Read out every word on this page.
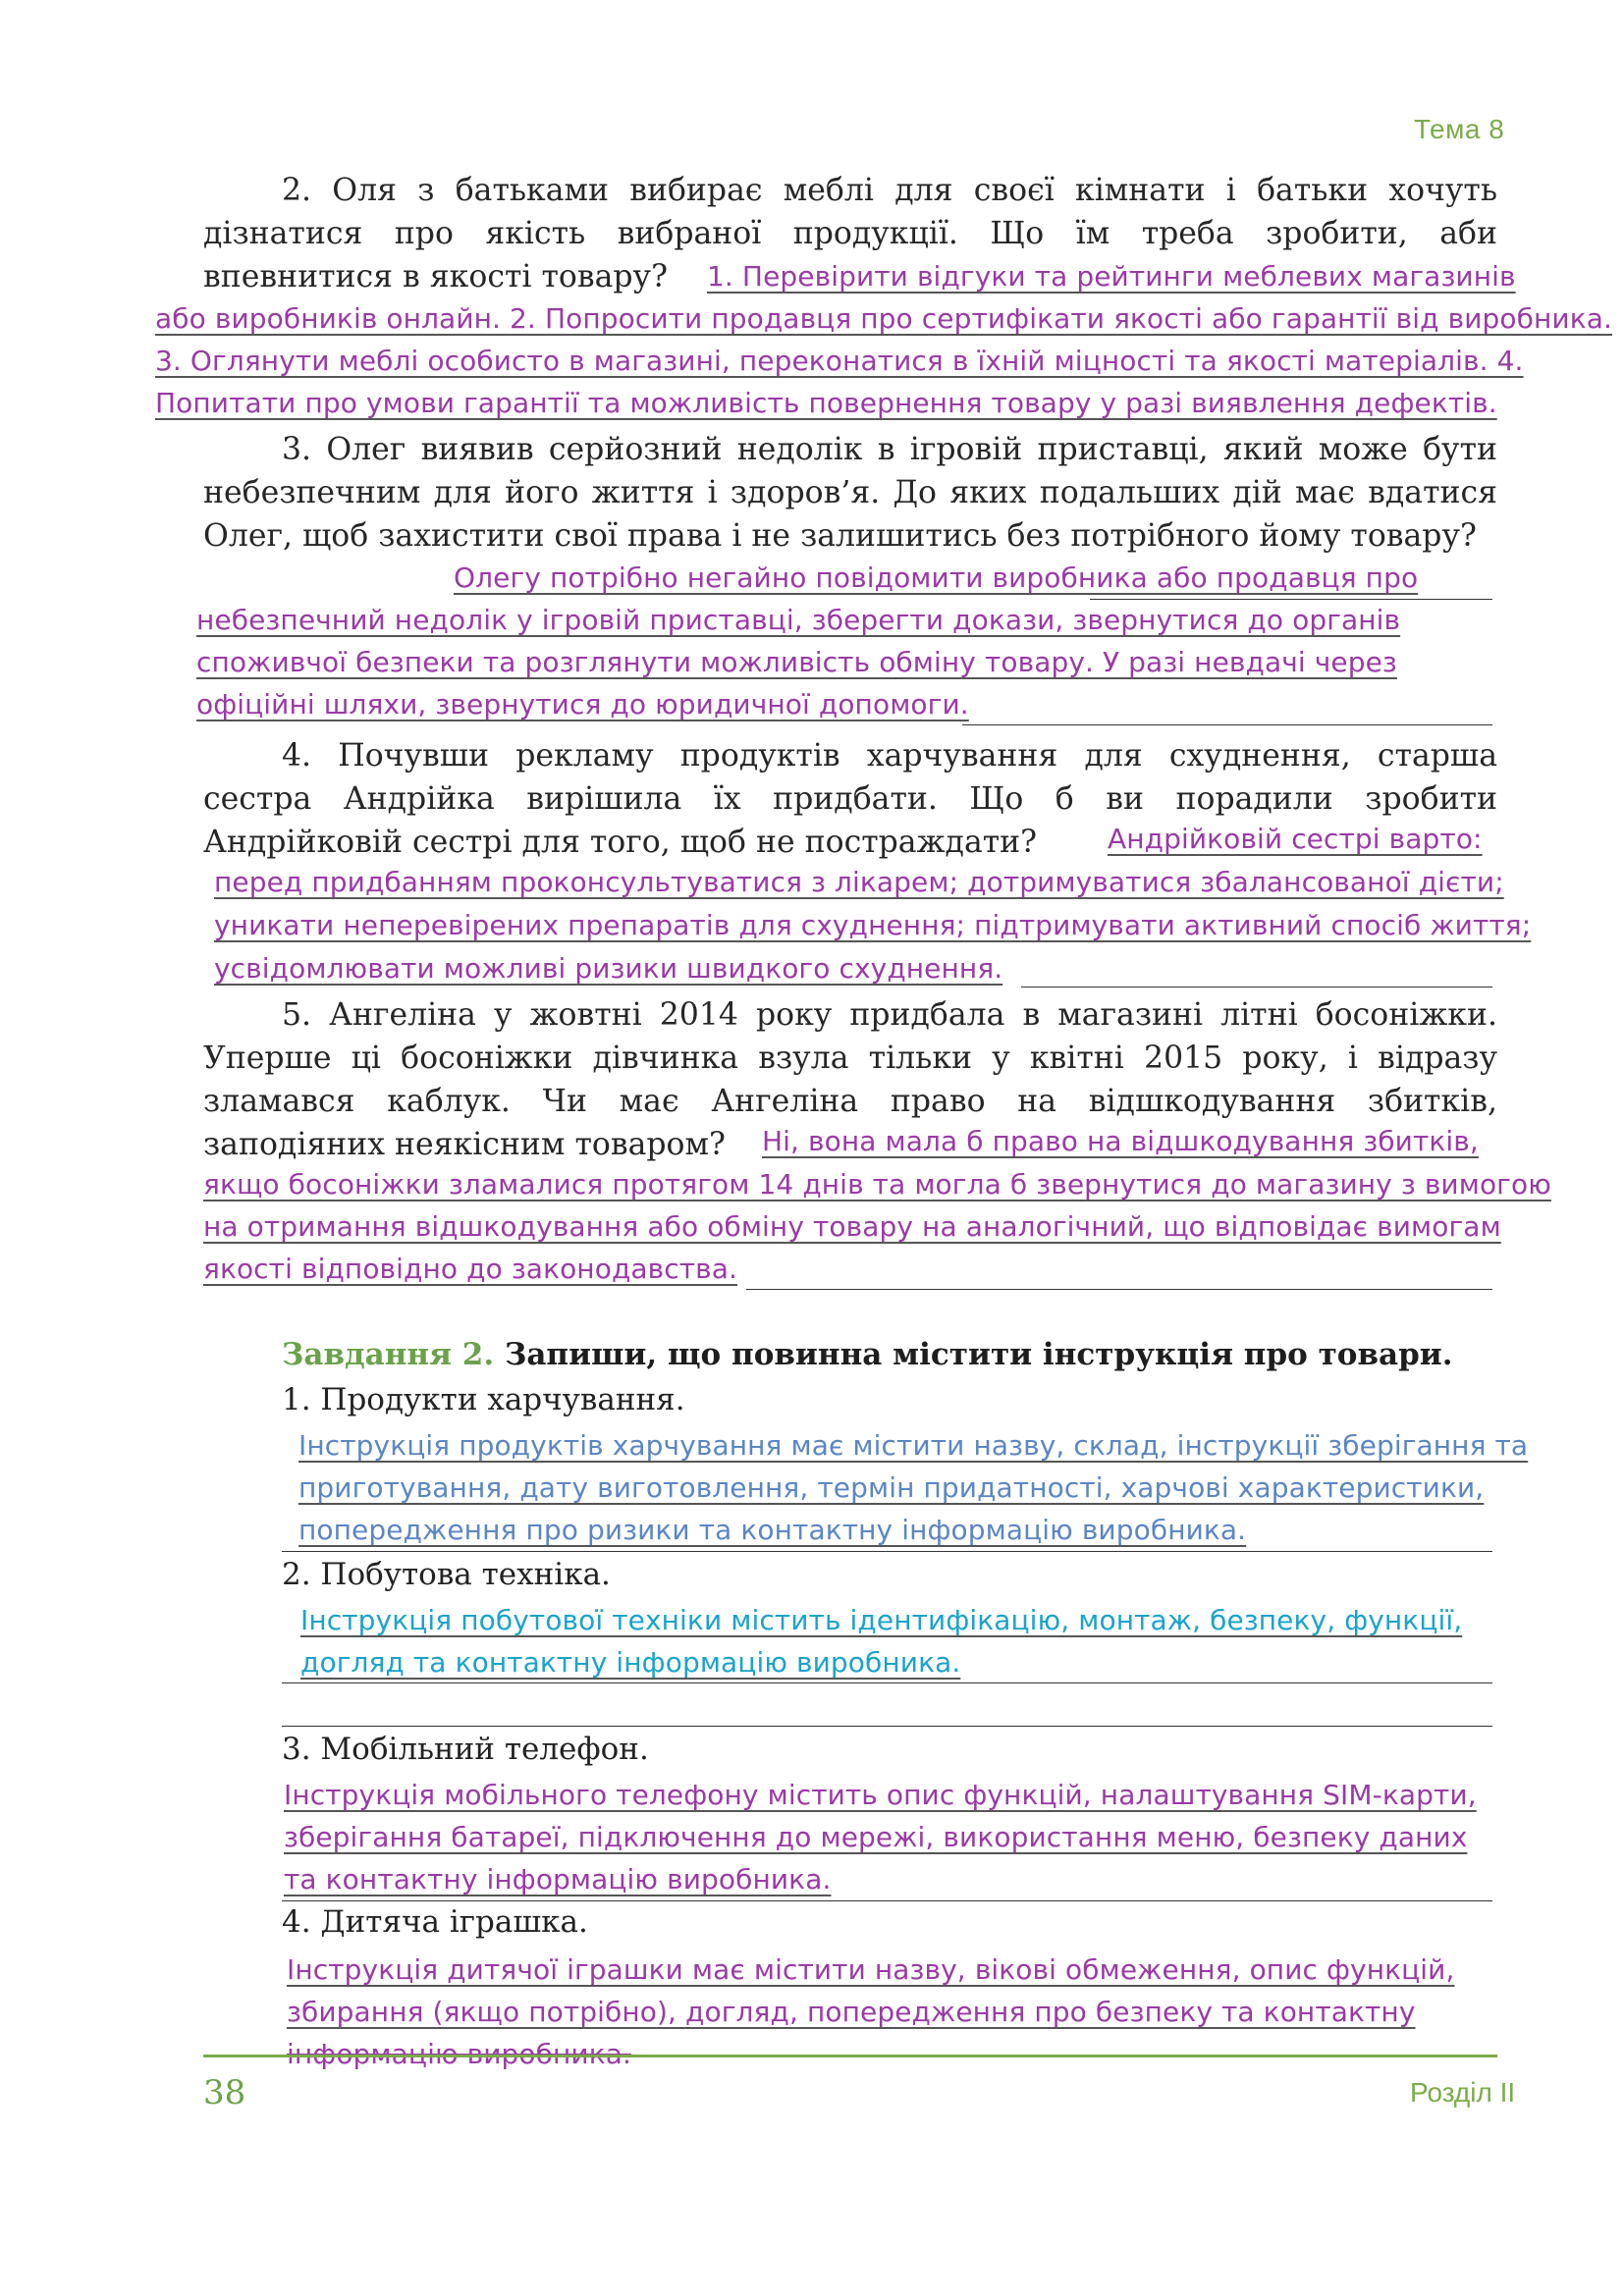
Тема 8
2. Оля з батьками вибирає меблі для своєї кімнати і батьки хочуть дізнатися про якість вибраної продукції. Що їм треба зробити, аби впевнитися в якості товару?	1. Перевірити відгуки та рейтинги меблевих магазинів
або виробників онлайн. 2. Попросити продавця про сертифікати якості або гарантії від виробника.
3. Оглянути меблі особисто в магазині, переконатися в їхній міцності та якості матеріалів. 4.
Попитати про умови гарантії та можливість повернення товару у разі виявлення дефектів.
3. Олег виявив серйозний недолік в ігровій приставці, який може бути небезпечним для його життя і здоров’я. До яких подальших дій має вдатися Олег, щоб захистити свої права і не залишитись без потрібного йому товару?
Олегу потрібно негайно повідомити виробника або продавця про
небезпечний недолік у ігровій приставці, зберегти докази, звернутися до органів
споживчої безпеки та розглянути можливість обміну товару. У разі невдачі через
офіційні шляхи, звернутися до юридичної допомоги.
4. Почувши рекламу продуктів харчування для схуднення, старша сестра Андрійка вирішила їх придбати. Що б ви порадили зробити Андрійковій сестрі для того, щоб не постраждати?	Андрійковій сестрі варто:
перед придбанням проконсультуватися з лікарем; дотримуватися збалансованої дієти;
уникати неперевірених препаратів для схуднення; підтримувати активний спосіб життя;
усвідомлювати можливі ризики швидкого схуднення.
5. Ангеліна у жовтні 2014 року придбала в магазині літні босоніжки. Уперше ці босоніжки дівчинка взула тільки у квітні 2015 року, і відразу зламався каблук. Чи має Ангеліна право на відшкодування збитків, заподіяних неякісним товаром?	Ні, вона мала б право на відшкодування збитків,
якщо босоніжки зламалися протягом 14 днів та могла б звернутися до магазину з вимогою
на отримання відшкодування або обміну товару на аналогічний, що відповідає вимогам
якості відповідно до законодавства.
Завдання 2. Запиши, що повинна містити інструкція про товари.
1. Продукти харчування.
Інструкція продуктів харчування має містити назву, склад, інструкції зберігання та
приготування, дату виготовлення, термін придатності, харчові характеристики,
попередження про ризики та контактну інформацію виробника.
2. Побутова техніка.
Інструкція побутової техніки містить ідентифікацію, монтаж, безпеку, функції,
догляд та контактну інформацію виробника.
3. Мобільний телефон.
Інструкція мобільного телефону містить опис функцій, налаштування SIM-карти,
зберігання батареї, підключення до мережі, використання меню, безпеку даних
та контактну інформацію виробника.
4. Дитяча іграшка.
Інструкція дитячої іграшки має містити назву, вікові обмеження, опис функцій,
збирання (якщо потрібно), догляд, попередження про безпеку та контактну
інформацію виробника.
38	Розділ II
